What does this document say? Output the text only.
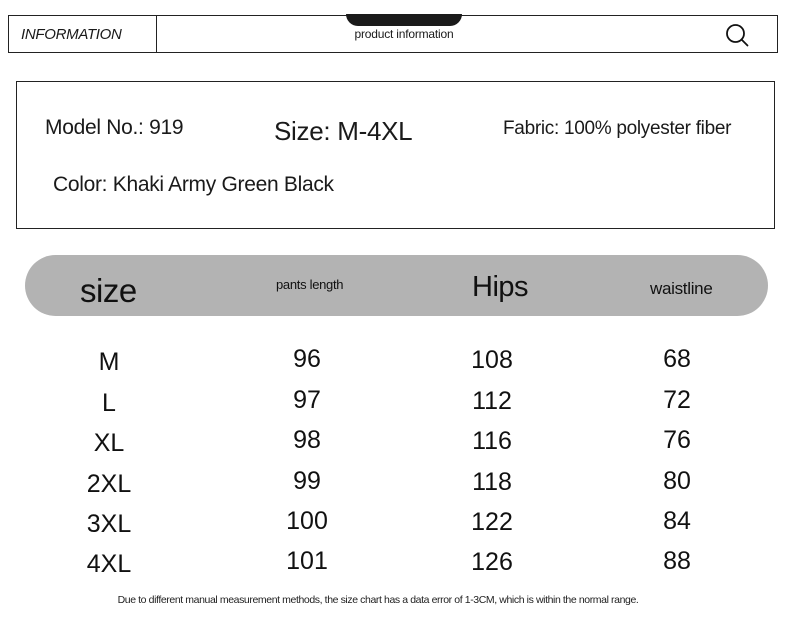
INFORMATION	product information
Model No.: 919	Size: M-4XL	Fabric: 100% polyester fiber
Color: Khaki Army Green Black
size	pants length	Hips	waistline
M	96	108	68
L	97	112	72
XL	98	116	76
2XL	99	118	80
3XL	100	122	84
4XL	101	126	88
Due to different manual measurement methods, the size chart has a data error of 1-3CM, which is within the normal range.
